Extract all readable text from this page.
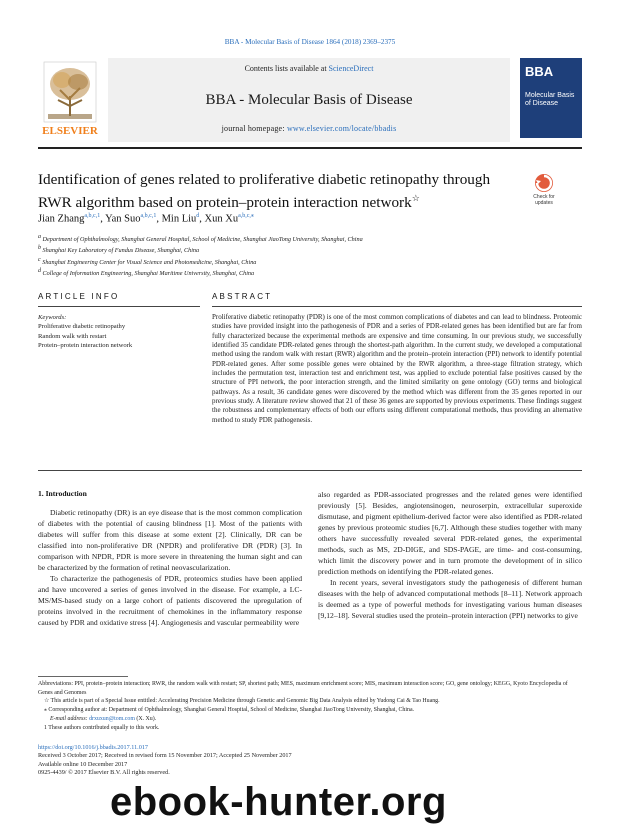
BBA - Molecular Basis of Disease 1864 (2018) 2369–2375
Contents lists available at ScienceDirect
BBA - Molecular Basis of Disease
journal homepage: www.elsevier.com/locate/bbadis
ELSEVIER
BBA
Molecular Basis of Disease
Identification of genes related to proliferative diabetic retinopathy through RWR algorithm based on protein–protein interaction network☆	Check for
updates
Jian Zhang$^{a,b,c,1}$, Yan Suo$^{a,b,c,1}$, Min Liu$^d$, Xun $Xu^{a,b,c,⁎}$
$^a$ Department of Ophthalmology, Shanghai General Hospital, School of Medicine, Shanghai JiaoTong University, Shanghai, China
$^b$ Shanghai Key Laboratory of Fundus Disease, Shanghai, China
$^c$ Shanghai Engineering Center for Visual Science and Photomedicine, Shanghai, China
$^d$ College of Information Engineering, Shanghai Maritime University, Shanghai, China
ARTICLE INFO	ABSTRACT
Keywords:
Proliferative diabetic retinopathy
Random walk with restart
Protein–protein interaction network
Proliferative diabetic retinopathy (PDR) is one of the most common complications of diabetes and can lead to blindness. Proteomic studies have provided insight into the pathogenesis of PDR and a series of PDR-related genes has been identified but are far from fully characterized because the experimental methods are expensive and time consuming. In our previous study, we successfully identified 35 candidate PDR-related genes through the shortest-path algorithm. In the current study, we developed a computational method using the random walk with restart (RWR) algorithm and the protein–protein interaction (PPI) network to identify potential PDR-related genes. After some possible genes were obtained by the RWR algorithm, a three-stage filtration strategy, which includes the permutation test, interaction test and enrichment test, was applied to exclude potential false positives caused by the structure of PPI network, the poor interaction strength, and the limited similarity on gene ontology (GO) terms and biological pathways. As a result, 36 candidate genes were discovered by the method which was different from the 35 genes reported in our previous study. A literature review showed that 21 of these 36 genes are supported by previous experiments. These findings suggest the robustness and complementary effects of both our efforts using different computational methods, thus providing an alternative method to study PDR pathogenesis.
1. Introduction

Diabetic retinopathy (DR) is an eye disease that is the most common complication of diabetes with the potential of causing blindness [1]. Most of the patients with diabetes will suffer from this disease at some extent [2]. Clinically, DR can be classified into non-proliferative DR (NPDR) and proliferative DR (PDR) [3]. In comparison with NPDR, PDR is more severe in threatening the human sight and can be characterized by the formation of retinal neovascularization.

To characterize the pathogenesis of PDR, proteomics studies have been applied and have uncovered a series of genes involved in the disease. For example, a LC-MS/MS-based study on a large cohort of patients discovered the upregulation of proteins involved in the recruitment of chemokines in the inflammatory response caused by PDR and oxidative stress [4]. Angiogenesis and vascular permeability were

also regarded as PDR-associated progresses and the related genes were identified previously [5]. Besides, angiotensinogen, neuroserpin, extracellular superoxide dismutase, and pigment epithelium-derived factor were also identified as PDR-related genes by previous proteomic studies [6,7]. Although these studies together with many others have successfully revealed several PDR-related genes, the experimental methods, such as MS, 2D-DIGE, and SDS-PAGE, are time- and cost-consuming, which limit the discovery power and in turn promote the development of in silico prediction methods on identifying the PDR-related genes.

In recent years, several investigators study the pathogenesis of different human diseases with the help of advanced computational methods [8–11]. Network approach is deemed as a type of powerful methods for investigating various human diseases [9,12–18]. Several studies used the protein–protein interaction (PPI) networks to give

Abbreviations: PPI, protein–protein interaction; RWR, the random walk with restart; SP, shortest path; MES, maximum enrichment score; MIS, maximum interaction score; GO, gene ontology; KEGG, Kyoto Encyclopedia of Genes and Genomes
☆ This article is part of a Special Issue entitled: Accelerating Precision Medicine through Genetic and Genomic Big Data Analysis edited by Yudong Cai & Tao Huang.
⁎ Corresponding author at: Department of Ophthalmology, Shanghai General Hospital, School of Medicine, Shanghai JiaoTong University, Shanghai, China.
E-mail address: drxuxun@tom.com (X. Xu).
1 These authors contributed equally to this work.
https://doi.org/10.1016/j.bbadis.2017.11.017
Received 3 October 2017; Received in revised form 15 November 2017; Accepted 25 November 2017
Available online 10 December 2017
0925-4439/ © 2017 Elsevier B.V. All rights reserved.
ebook-hunter.org
